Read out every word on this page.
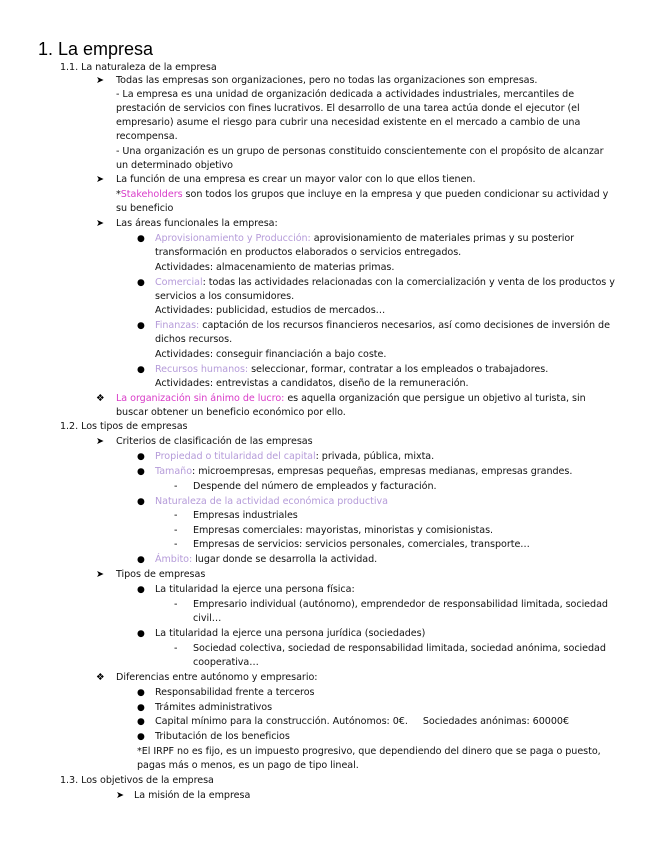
1. La empresa
1.1. La naturaleza de la empresa
➤ Todas las empresas son organizaciones, pero no todas las organizaciones son empresas.
- La empresa es una unidad de organización dedicada a actividades industriales, mercantiles de
prestación de servicios con fines lucrativos. El desarrollo de una tarea actúa donde el ejecutor (el
empresario) asume el riesgo para cubrir una necesidad existente en el mercado a cambio de una
recompensa.
- Una organización es un grupo de personas constituido conscientemente con el propósito de alcanzar
un determinado objetivo
➤ La función de una empresa es crear un mayor valor con lo que ellos tienen.
*Stakeholders son todos los grupos que incluye en la empresa y que pueden condicionar su actividad y
su beneficio
➤ Las áreas funcionales la empresa:
● Aprovisionamiento y Producción: aprovisionamiento de materiales primas y su posterior
transformación en productos elaborados o servicios entregados.
Actividades: almacenamiento de materias primas.
● Comercial: todas las actividades relacionadas con la comercialización y venta de los productos y
servicios a los consumidores.
Actividades: publicidad, estudios de mercados…
● Finanzas: captación de los recursos financieros necesarios, así como decisiones de inversión de
dichos recursos.
Actividades: conseguir financiación a bajo coste.
● Recursos humanos: seleccionar, formar, contratar a los empleados o trabajadores.
Actividades: entrevistas a candidatos, diseño de la remuneración.
❖ La organización sin ánimo de lucro: es aquella organización que persigue un objetivo al turista, sin
buscar obtener un beneficio económico por ello.
1.2. Los tipos de empresas
➤ Criterios de clasificación de las empresas
● Propiedad o titularidad del capital: privada, pública, mixta.
● Tamaño: microempresas, empresas pequeñas, empresas medianas, empresas grandes.
- Despende del número de empleados y facturación.
● Naturaleza de la actividad económica productiva
- Empresas industriales
- Empresas comerciales: mayoristas, minoristas y comisionistas.
- Empresas de servicios: servicios personales, comerciales, transporte…
● Ámbito: lugar donde se desarrolla la actividad.
➤ Tipos de empresas
● La titularidad la ejerce una persona física:
- Empresario individual (autónomo), emprendedor de responsabilidad limitada, sociedad
civil…
● La titularidad la ejerce una persona jurídica (sociedades)
- Sociedad colectiva, sociedad de responsabilidad limitada, sociedad anónima, sociedad
cooperativa…
❖ Diferencias entre autónomo y empresario:
● Responsabilidad frente a terceros
● Trámites administrativos
● Capital mínimo para la construcción. Autónomos: 0€.     Sociedades anónimas: 60000€
● Tributación de los beneficios
*El IRPF no es fijo, es un impuesto progresivo, que dependiendo del dinero que se paga o puesto,
pagas más o menos, es un pago de tipo lineal.
1.3. Los objetivos de la empresa
➤ La misión de la empresa
